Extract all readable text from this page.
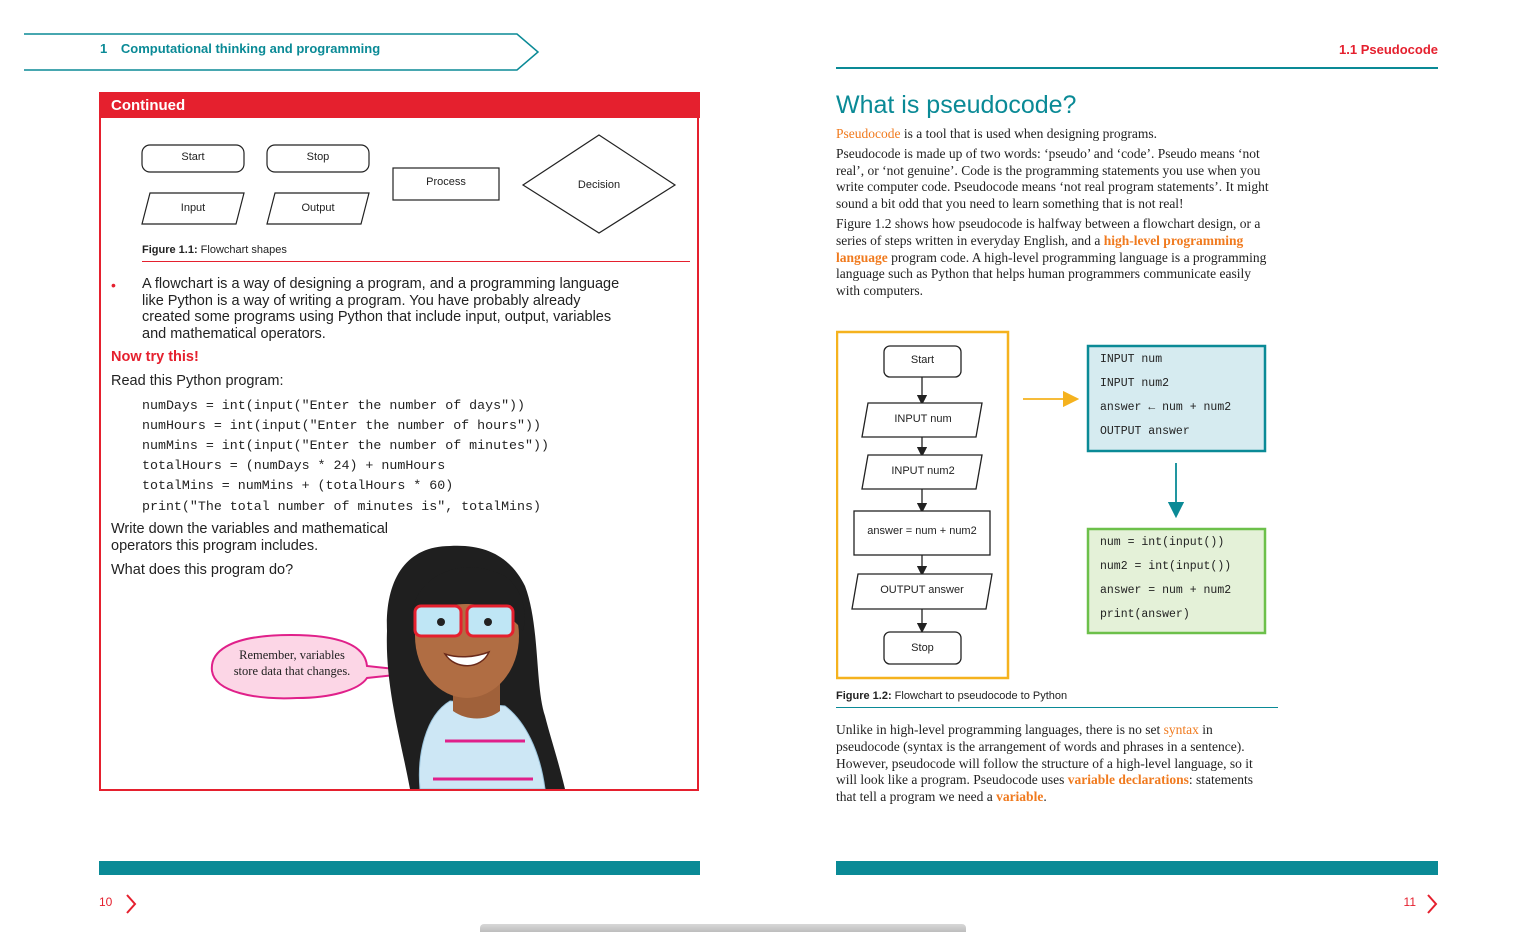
1 Computational thinking and programming	1.1 Pseudocode
Continued
Start	Stop
Input	Output
Process	Decision
Figure 1.1: Flowchart shapes
• A flowchart is a way of designing a program, and a programming language like Python is a way of writing a program. You have probably already created some programs using Python that include input, output, variables and mathematical operators.
Now try this!
Read this Python program:
numDays = int(input("Enter the number of days"))
numHours = int(input("Enter the number of hours"))
numMins = int(input("Enter the number of minutes"))
totalHours = (numDays * 24) + numHours
totalMins = numMins + (totalHours * 60)
print("The total number of minutes is", totalMins)
Write down the variables and mathematical operators this program includes.
What does this program do?
Remember, variables store data that changes.
What is pseudocode?

Pseudocode is a tool that is used when designing programs.

Pseudocode is made up of two words: ‘pseudo’ and ‘code’. Pseudo means ‘not real’, or ‘not genuine’. Code is the programming statements you use when you write computer code. Pseudocode means ‘not real program statements’. It might sound a bit odd that you need to learn something that is not real!

Figure 1.2 shows how pseudocode is halfway between a flowchart design, or a series of steps written in everyday English, and a high-level programming language program code. A high-level programming language is a programming language such as Python that helps human programmers communicate easily with computers.

Start
INPUT num
INPUT num2
answer = num + num2
OUTPUT answer
Stop
INPUT num
INPUT num2
answer ← num + num2
OUTPUT answer
num = int(input())
num2 = int(input())
answer = num + num2
print(answer)
Figure 1.2: Flowchart to pseudocode to Python
Unlike in high-level programming languages, there is no set syntax in pseudocode (syntax is the arrangement of words and phrases in a sentence). However, pseudocode will follow the structure of a high-level language, so it will look like a program. Pseudocode uses variable declarations: statements that tell a program we need a variable.
10	11
